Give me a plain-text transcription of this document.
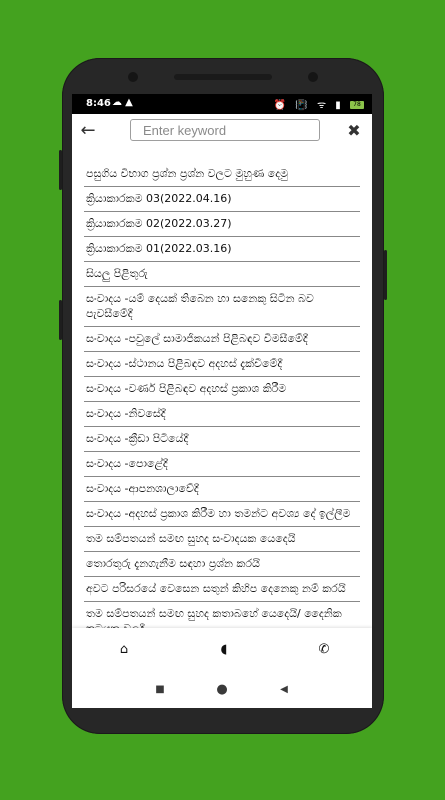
8:46 ☁ ▲	⏰ 📳 ᯤ ▮ 78
←
Enter keyword	✖
පසුගිය විභාග ප්‍රශ්න ප්‍රශ්න වලට මුහුණ දෙමු
ක්‍රියාකාරකම 03(2022.04.16)
ක්‍රියාකාරකම 02(2022.03.27)
ක්‍රියාකාරකම 01(2022.03.16)
සියලු පිළිතුරු
සංවාදය -යම් දෙයක් තිබෙන හා සනෙකු සිටින බව පැවසීමේදී
සංවාදය -පවුලේ සාමාජිකයන් පිළිබඳව විමසීමේදී
සංවාදය -ස්ථානය පිළිබඳව අදහස් දැක්වීමේදී
සංවාදය -වර්ණ පිළිබඳව අදහස් ප්‍රකාශ කිරීම
සංවාදය -නිවසේදී
සංවාදය -ක්‍රීඩා පිටියේදී
සංවාදය -පොළේදී
සංවාදය -ආපනශාලාවේදී
සංවාදය -අදහස් ප්‍රකාශ කිරීම හා තමන්ට අවශ්‍ය දේ ඉල්ලීම
තම සම්පතයන් සමඟ සුහද සංවාදයක යෙදෙයි
තොරතුරු දැනගැනීම සඳහා ප්‍රශ්න කරයි
අවට පරිසරයේ වෙසෙන සතුන් කිහිප දෙනෙකු නම් කරයි
තම සම්පතයන් සමඟ සුහද කතාබහේ යෙදෙයි/ දෛනික
⌂	◖	✆
■	●	◀
